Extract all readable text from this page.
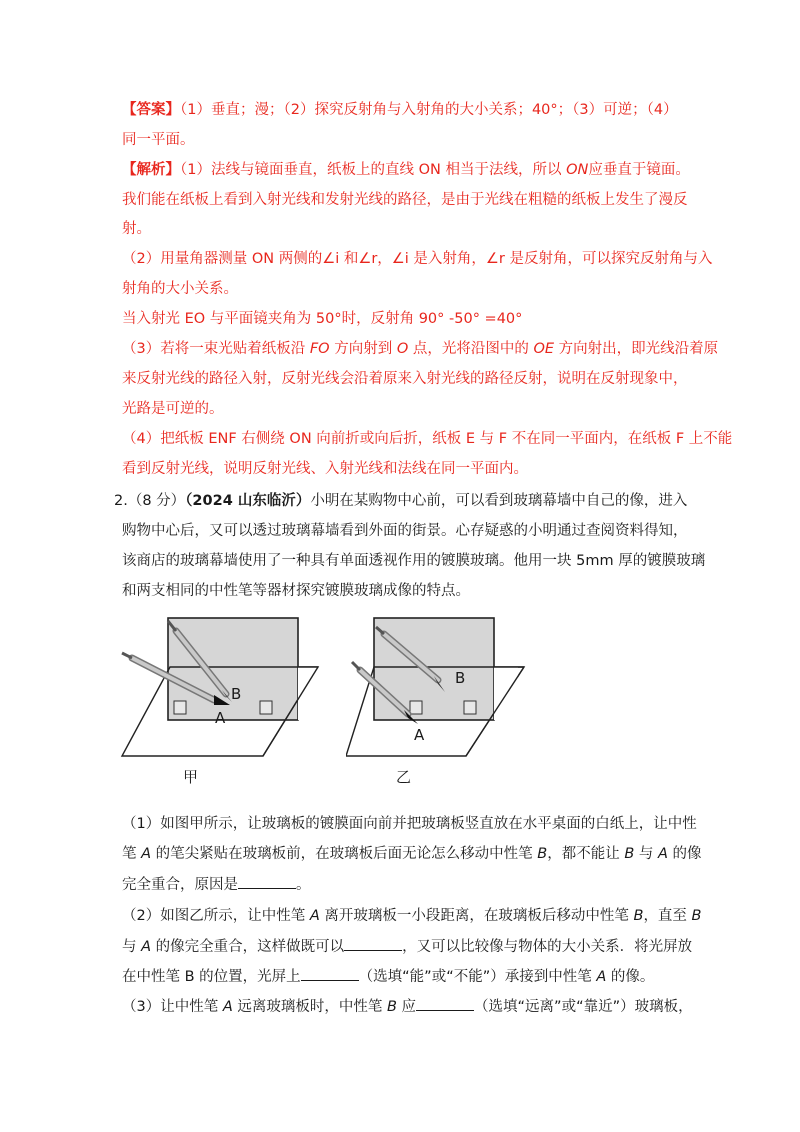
【答案】（1）垂直；漫；（2）探究反射角与入射角的大小关系；40°；（3）可逆；（4）
同一平面。
【解析】（1）法线与镜面垂直，纸板上的直线 ON 相当于法线，所以 ON应垂直于镜面。
我们能在纸板上看到入射光线和发射光线的路径，是由于光线在粗糙的纸板上发生了漫反
射。
（2）用量角器测量 ON 两侧的∠i 和∠r，∠i 是入射角，∠r 是反射角，可以探究反射角与入
射角的大小关系。
当入射光 EO 与平面镜夹角为 50°时，反射角 90° -50° =40°
（3）若将一束光贴着纸板沿 FO 方向射到 O 点，光将沿图中的 OE 方向射出，即光线沿着原
来反射光线的路径入射，反射光线会沿着原来入射光线的路径反射，说明在反射现象中，
光路是可逆的。
（4）把纸板 ENF 右侧绕 ON 向前折或向后折，纸板 E 与 F 不在同一平面内，在纸板 F 上不能
看到反射光线，说明反射光线、入射光线和法线在同一平面内。
2.（8 分）（2024 山东临沂）小明在某购物中心前，可以看到玻璃幕墙中自己的像，进入
购物中心后，又可以透过玻璃幕墙看到外面的街景。心存疑惑的小明通过查阅资料得知，
该商店的玻璃幕墙使用了一种具有单面透视作用的镀膜玻璃。他用一块 5mm 厚的镀膜玻璃
和两支相同的中性笔等器材探究镀膜玻璃成像的特点。
B
A
甲
B
A
乙
（1）如图甲所示，让玻璃板的镀膜面向前并把玻璃板竖直放在水平桌面的白纸上，让中性
笔 A 的笔尖紧贴在玻璃板前，在玻璃板后面无论怎么移动中性笔 B，都不能让 B 与 A 的像
完全重合，原因是	。
（2）如图乙所示，让中性笔 A 离开玻璃板一小段距离，在玻璃板后移动中性笔 B，直至 B
与 A 的像完全重合，这样做既可以	，又可以比较像与物体的大小关系．将光屏放
在中性笔 B 的位置，光屏上	（选填“能”或“不能”）承接到中性笔 A 的像。
（3）让中性笔 A 远离玻璃板时，中性笔 B 应	（选填“远离”或“靠近”）玻璃板，
